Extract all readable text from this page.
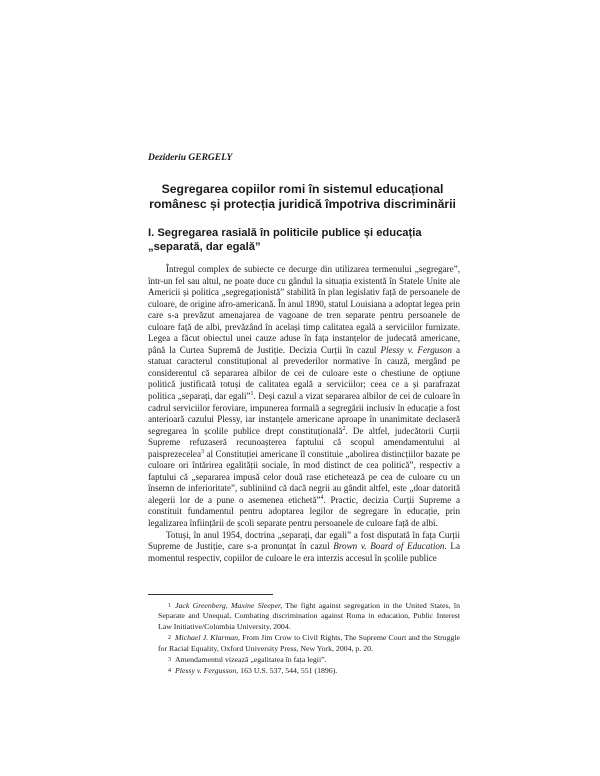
Dezideriu GERGELY
Segregarea copiilor romi în sistemul educațional românesc și protecția juridică împotriva discriminării
I. Segregarea rasială în politicile publice și educația „separată, dar egală”

Întregul complex de subiecte ce decurge din utilizarea termenului „segregare”, într-un fel sau altul, ne poate duce cu gândul la situația existentă în Statele Unite ale Americii și politica „segregaționistă” stabilită în plan legislativ față de persoanele de culoare, de origine afro-americană. În anul 1890, statul Louisiana a adoptat legea prin care s-a prevăzut amenajarea de vagoane de tren separate pentru persoanele de culoare față de albi, prevăzând în același timp calitatea egală a serviciilor furnizate. Legea a făcut obiectul unei cauze aduse în fața instanțelor de judecată americane, până la Curtea Supremă de Justiție. Decizia Curții în cazul Plessy v. Ferguson a statuat caracterul constituțional al prevederilor normative în cauză, mergând pe considerentul că separarea albilor de cei de culoare este o chestiune de opțiune politică justificată totuși de calitatea egală a serviciilor; ceea ce a și parafrazat politica „separați, dar egali”$^1$. Deși cazul a vizat separarea albilor de cei de culoare în cadrul serviciilor feroviare, impunerea formală a segregării inclusiv în educație a fost anterioară cazului Plessy, iar instanțele americane aproape în unanimitate declaseră segregarea în școlile publice drept constituțională$^2$. De altfel, judecătorii Curții Supreme refuzaseră recunoașterea faptului că scopul amendamentului al paisprezecelea$^3$ al Constituției americane îl constituie „abolirea distincțiilor bazate pe culoare ori întărirea egalității sociale, în mod distinct de cea politică”, respectiv a faptului că „separarea impusă celor două rase etichetează pe cea de culoare cu un însemn de inferioritate”, subliniind că dacă negrii au gândit altfel, este „doar datorită alegerii lor de a pune o asemenea etichetă”$^4$. Practic, decizia Curții Supreme a constituit fundamentul pentru adoptarea legilor de segregare în educație, prin legalizarea înființării de școli separate pentru persoanele de culoare față de albi.

Totuși, în anul 1954, doctrina „separați, dar egali” a fost disputată în fața Curții Supreme de Justiție, care s-a pronunțat în cazul Brown v. Board of Education. La momentul respectiv, copiilor de culoare le era interzis accesul în școlile publice

$^1$ Jack Greenberg, Maxine Sleeper, The fight against segregation in the United States, în Separate and Unequal, Combating discrimination against Roma in education, Public Interest Law Initiative/Columbia University, 2004.

$^2$ Michael J. Klarman, From Jim Crow to Civil Rights, The Supreme Court and the Struggle for Racial Equality, Oxford University Press, New York, 2004, p. 20.

$^3$ Amendamentul vizează „egalitatea în fața legii”.

$^4$ Plessy v. Fergusson, 163 U.S. 537, 544, 551 (1896).
